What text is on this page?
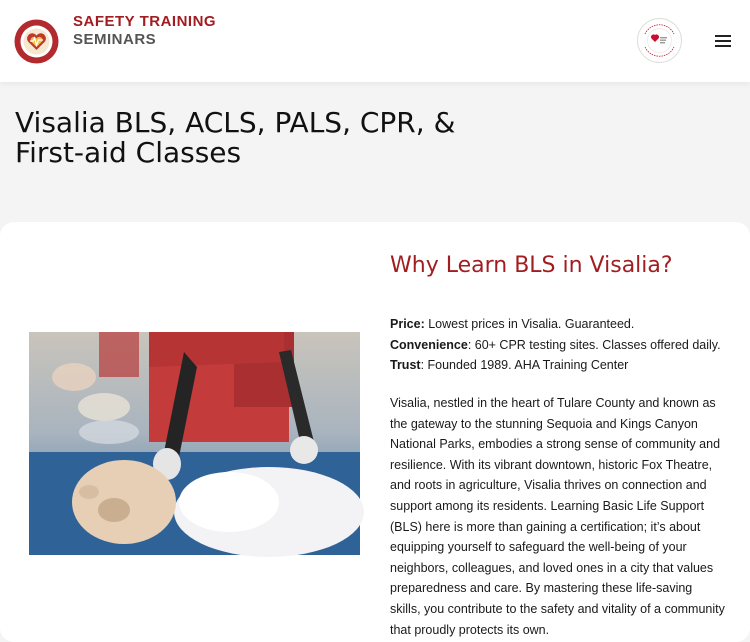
SAFETY TRAINING
SEMINARS
Visalia BLS, ACLS, PALS, CPR, &
First-aid Classes
Why Learn BLS in Visalia?
Price: Lowest prices in Visalia. Guaranteed.
Convenience: 60+ CPR testing sites. Classes offered daily.
Trust: Founded 1989. AHA Training Center

Visalia, nestled in the heart of Tulare County and known as the gateway to the stunning Sequoia and Kings Canyon National Parks, embodies a strong sense of community and resilience. With its vibrant downtown, historic Fox Theatre, and roots in agriculture, Visalia thrives on connection and support among its residents. Learning Basic Life Support (BLS) here is more than gaining a certification; it’s about equipping yourself to safeguard the well-being of your neighbors, colleagues, and loved ones in a city that values preparedness and care. By mastering these life-saving skills, you contribute to the safety and vitality of a community that proudly protects its own.
